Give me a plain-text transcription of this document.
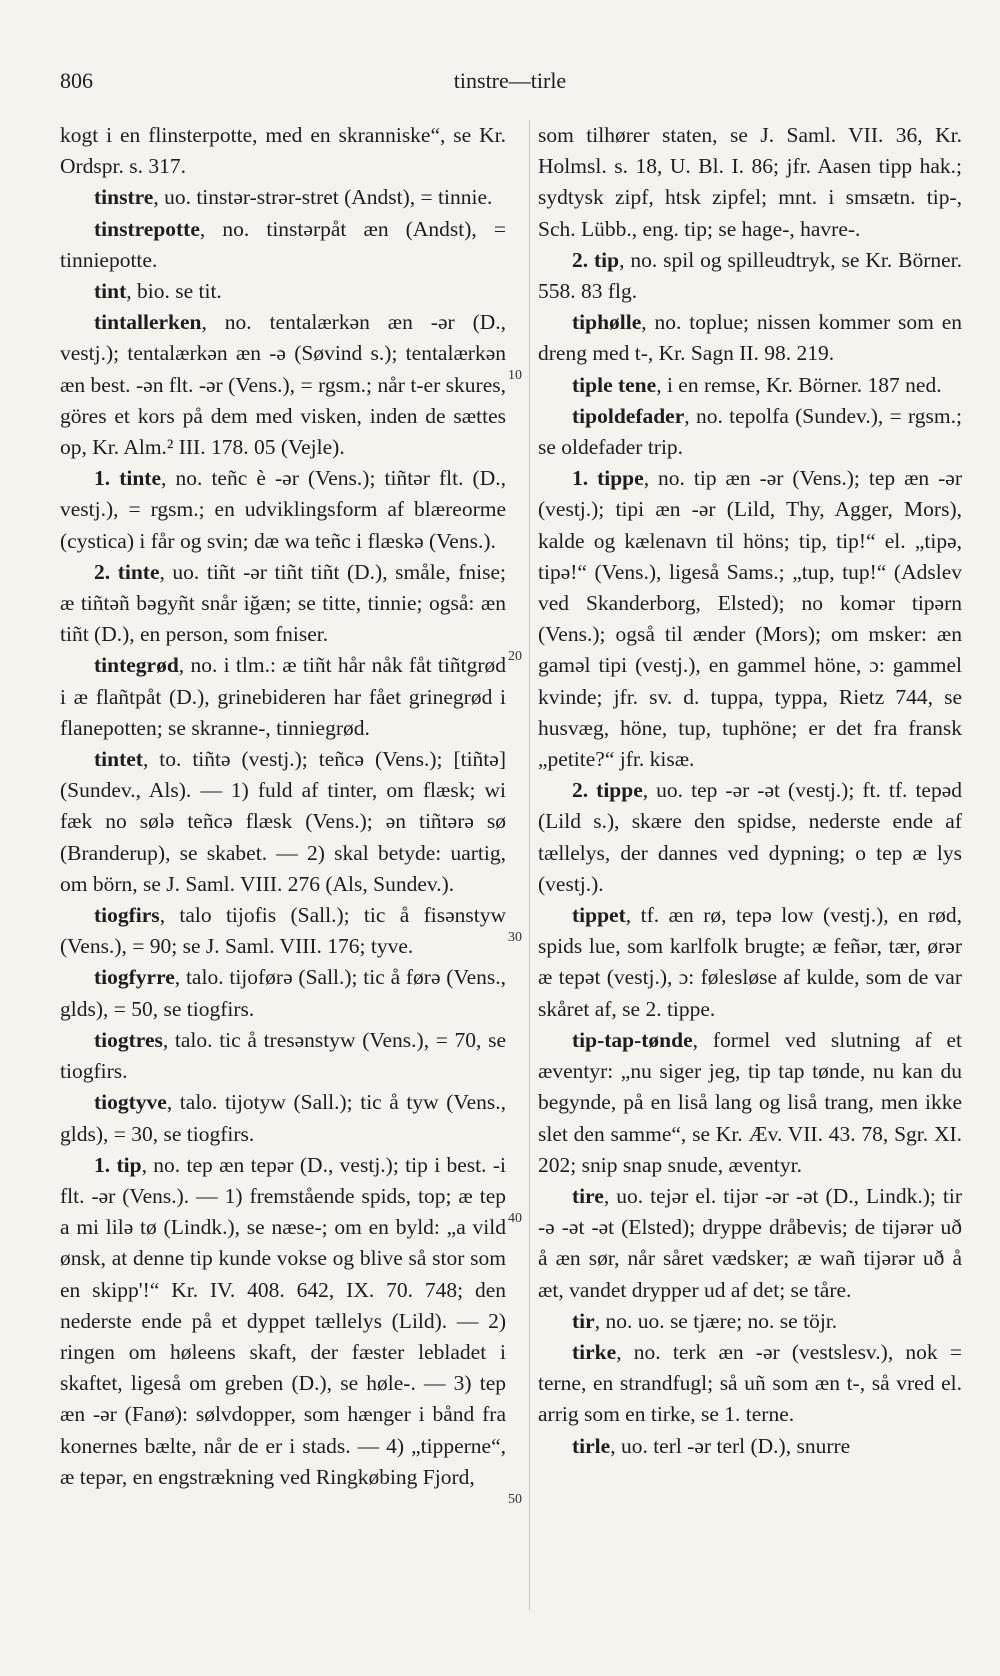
806	tinstre—tirle

kogt i en flinsterpotte, med en skranniske“, se Kr. Ordspr. s. 317.

tinstre, uo. tinstər-strər-stret (Andst), = tinnie.

tinstrepotte, no. tinstərpåt æn (Andst), = tinniepotte.

tint, bio. se tit.

tintallerken, no. tentalærkən æn -ər (D., vestj.); tentalærkən æn -ə (Søvind s.); tentalærkən æn best. -ən flt. -ər (Vens.), = rgsm.; når t-er skures, göres et kors på dem med visken, inden de sættes op, Kr. Alm.² III. 178. 05 (Vejle).

1. tinte, no. teñc è -ər (Vens.); tiñtər flt. (D., vestj.), = rgsm.; en udviklingsform af blæreorme (cystica) i får og svin; dæ wa teñc i flæskə (Vens.).

2. tinte, uo. tiñt -ər tiñt tiñt (D.), småle, fnise; æ tiñtəñ bəgyñt snår iğæn; se titte, tinnie; også: æn tiñt (D.), en person, som fniser.

tintegrød, no. i tlm.: æ tiñt hår nåk fåt tiñtgrød i æ flañtpåt (D.), grinebideren har fået grinegrød i flanepotten; se skranne-, tinniegrød.

tintet, to. tiñtə (vestj.); teñcə (Vens.); [tiñtə] (Sundev., Als). — 1) fuld af tinter, om flæsk; wi fæk no sølə teñcə flæsk (Vens.); ən tiñtərə sø (Branderup), se skabet. — 2) skal betyde: uartig, om börn, se J. Saml. VIII. 276 (Als, Sundev.).

tiogfirs, talo tijofis (Sall.); tic å fisənstyw (Vens.), = 90; se J. Saml. VIII. 176; tyve.

tiogfyrre, talo. tijoførə (Sall.); tic å førə (Vens., glds), = 50, se tiogfirs.

tiogtres, talo. tic å tresənstyw (Vens.), = 70, se tiogfirs.

tiogtyve, talo. tijotyw (Sall.); tic å tyw (Vens., glds), = 30, se tiogfirs.

1. tip, no. tep æn tepər (D., vestj.); tip i best. -i flt. -ər (Vens.). — 1) fremstående spids, top; æ tep a mi lilə tø (Lindk.), se næse-; om en byld: „a vild ønsk, at denne tip kunde vokse og blive så stor som en skipp'!“ Kr. IV. 408. 642, IX. 70. 748; den nederste ende på et dyppet tællelys (Lild). — 2) ringen om høleens skaft, der fæster lebladet i skaftet, ligeså om greben (D.), se høle-. — 3) tep æn -ər (Fanø): sølvdopper, som hænger i bånd fra konernes bælte, når de er i stads. — 4) „tipperne“, æ tepər, en engstrækning ved Ringkøbing Fjord,

10
20
30
40
50

som tilhører staten, se J. Saml. VII. 36, Kr. Holmsl. s. 18, U. Bl. I. 86; jfr. Aasen tipp hak.; sydtysk zipf, htsk zipfel; mnt. i smsætn. tip-, Sch. Lübb., eng. tip; se hage-, havre-.

2. tip, no. spil og spilleudtryk, se Kr. Börner. 558. 83 flg.

tiphølle, no. toplue; nissen kommer som en dreng med t-, Kr. Sagn II. 98. 219.

tiple tene, i en remse, Kr. Börner. 187 ned.

tipoldefader, no. tepolfa (Sundev.), = rgsm.; se oldefader trip.

1. tippe, no. tip æn -ər (Vens.); tep æn -ər (vestj.); tipi æn -ər (Lild, Thy, Agger, Mors), kalde og kælenavn til höns; tip, tip!“ el. „tipə, tipə!“ (Vens.), ligeså Sams.; „tup, tup!“ (Adslev ved Skanderborg, Elsted); no komər tipərn (Vens.); også til ænder (Mors); om msker: æn gaməl tipi (vestj.), en gammel höne, ɔ: gammel kvinde; jfr. sv. d. tuppa, typpa, Rietz 744, se husvæg, höne, tup, tuphöne; er det fra fransk „petite?“ jfr. kisæ.

2. tippe, uo. tep -ər -ət (vestj.); ft. tf. tepəd (Lild s.), skære den spidse, nederste ende af tællelys, der dannes ved dypning; o tep æ lys (vestj.).

tippet, tf. æn rø, tepə low (vestj.), en rød, spids lue, som karlfolk brugte; æ feñər, tær, ørər æ tepət (vestj.), ɔ: følesløse af kulde, som de var skåret af, se 2. tippe.

tip-tap-tønde, formel ved slutning af et æventyr: „nu siger jeg, tip tap tønde, nu kan du begynde, på en liså lang og liså trang, men ikke slet den samme“, se Kr. Æv. VII. 43. 78, Sgr. XI. 202; snip snap snude, æventyr.

tire, uo. tejər el. tijər -ər -ət (D., Lindk.); tir -ə -ət -ət (Elsted); dryppe dråbevis; de tijərər uð å æn sør, når såret vædsker; æ wañ tijərər uð å æt, vandet drypper ud af det; se tåre.

tir, no. uo. se tjære; no. se töjr.

tirke, no. terk æn -ər (vestslesv.), nok = terne, en strandfugl; så uñ som æn t-, så vred el. arrig som en tirke, se 1. terne.

tirle, uo. terl -ər terl (D.), snurre
